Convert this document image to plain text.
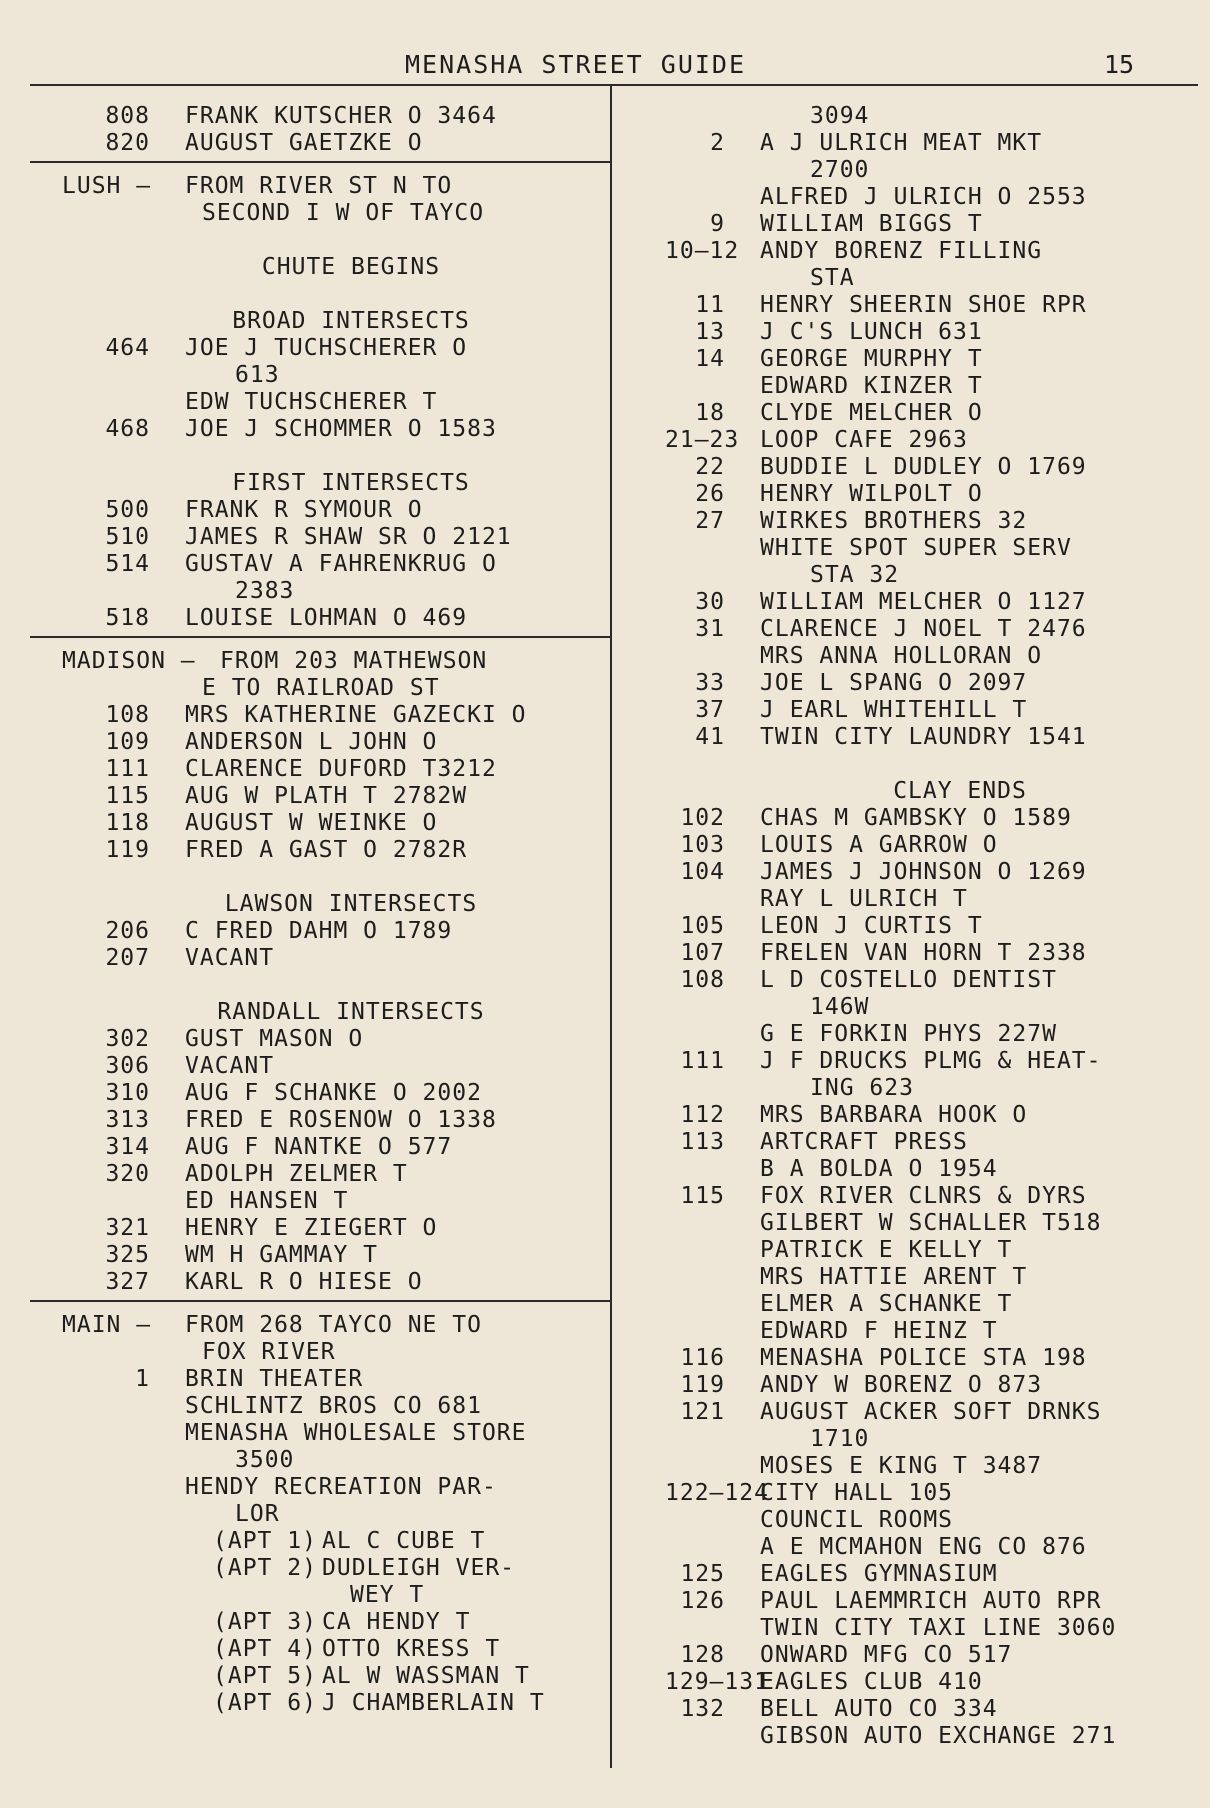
MENASHA STREET GUIDE	15
808 FRANK KUTSCHER O 3464
820 AUGUST GAETZKE O
LUSH – FROM RIVER ST N TO
SECOND I W OF TAYCO
CHUTE BEGINS
BROAD INTERSECTS
464 JOE J TUCHSCHERER O
613
EDW TUCHSCHERER T
468 JOE J SCHOMMER O 1583
FIRST INTERSECTS
500 FRANK R SYMOUR O
510 JAMES R SHAW SR O 2121
514 GUSTAV A FAHRENKRUG O
2383
518 LOUISE LOHMAN O 469
MADISON – FROM 203 MATHEWSON
E TO RAILROAD ST
108 MRS KATHERINE GAZECKI O
109 ANDERSON L JOHN O
111 CLARENCE DUFORD T3212
115 AUG W PLATH T 2782W
118 AUGUST W WEINKE O
119 FRED A GAST O 2782R
LAWSON INTERSECTS
206 C FRED DAHM O 1789
207 VACANT
RANDALL INTERSECTS
302 GUST MASON O
306 VACANT
310 AUG F SCHANKE O 2002
313 FRED E ROSENOW O 1338
314 AUG F NANTKE O 577
320 ADOLPH ZELMER T
ED HANSEN T
321 HENRY E ZIEGERT O
325 WM H GAMMAY T
327 KARL R O HIESE O
MAIN – FROM 268 TAYCO NE TO
FOX RIVER
1 BRIN THEATER
SCHLINTZ BROS CO 681
MENASHA WHOLESALE STORE
3500
HENDY RECREATION PAR-
LOR
(APT 1) AL C CUBE T
(APT 2) DUDLEIGH VER-
WEY T
(APT 3) CA HENDY T
(APT 4) OTTO KRESS T
(APT 5) AL W WASSMAN T
(APT 6) J CHAMBERLAIN T
3094
2 A J ULRICH MEAT MKT
2700
ALFRED J ULRICH O 2553
9 WILLIAM BIGGS T
10–12 ANDY BORENZ FILLING
STA
11 HENRY SHEERIN SHOE RPR
13 J C'S LUNCH 631
14 GEORGE MURPHY T
EDWARD KINZER T
18 CLYDE MELCHER O
21–23 LOOP CAFE 2963
22 BUDDIE L DUDLEY O 1769
26 HENRY WILPOLT O
27 WIRKES BROTHERS 32
WHITE SPOT SUPER SERV
STA 32
30 WILLIAM MELCHER O 1127
31 CLARENCE J NOEL T 2476
MRS ANNA HOLLORAN O
33 JOE L SPANG O 2097
37 J EARL WHITEHILL T
41 TWIN CITY LAUNDRY 1541
CLAY ENDS
102 CHAS M GAMBSKY O 1589
103 LOUIS A GARROW O
104 JAMES J JOHNSON O 1269
RAY L ULRICH T
105 LEON J CURTIS T
107 FRELEN VAN HORN T 2338
108 L D COSTELLO DENTIST
146W
G E FORKIN PHYS 227W
111 J F DRUCKS PLMG & HEAT-
ING 623
112 MRS BARBARA HOOK O
113 ARTCRAFT PRESS
B A BOLDA O 1954
115 FOX RIVER CLNRS & DYRS
GILBERT W SCHALLER T518
PATRICK E KELLY T
MRS HATTIE ARENT T
ELMER A SCHANKE T
EDWARD F HEINZ T
116 MENASHA POLICE STA 198
119 ANDY W BORENZ O 873
121 AUGUST ACKER SOFT DRNKS
1710
MOSES E KING T 3487
122–124
CITY HALL 105
COUNCIL ROOMS
A E MCMAHON ENG CO 876
125 EAGLES GYMNASIUM
126 PAUL LAEMMRICH AUTO RPR
TWIN CITY TAXI LINE 3060
128 ONWARD MFG CO 517
129–131
EAGLES CLUB 410
132 BELL AUTO CO 334
GIBSON AUTO EXCHANGE 271
